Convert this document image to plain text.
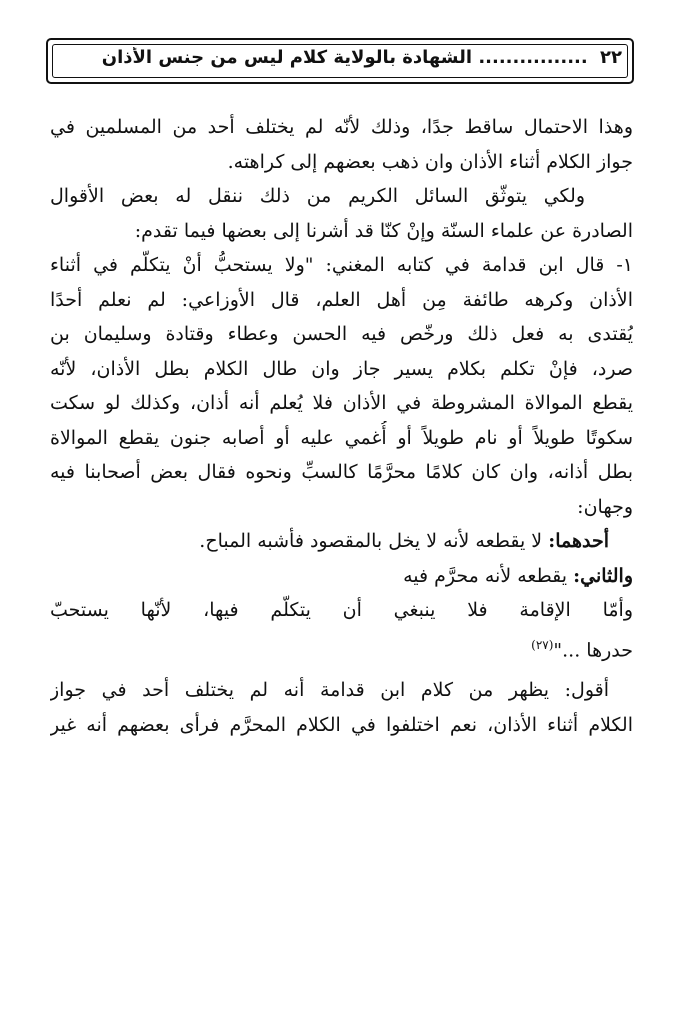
٢٢ ................ الشهادة بالولاية كلام ليس من جنس الأذان
وهذا الاحتمال ساقط جدًا، وذلك لأنّه لم يختلف أحد من المسلمين في
جواز الكلام أثناء الأذان وان ذهب بعضهم إلى كراهته.
ولكي يتوثّق السائل الكريم من ذلك ننقل له بعض الأقوال
الصادرة عن علماء السنّة وإنْ كنّا قد أشرنا إلى بعضها فيما تقدم:
١- قال ابن قدامة في كتابه المغني: "ولا يستحبُّ أنْ يتكلّم في أثناء
الأذان وكرهه طائفة مِن أهل العلم، قال الأوزاعي: لم نعلم أحدًا
يُقتدى به فعل ذلك ورخّص فيه الحسن وعطاء وقتادة وسليمان بن
صرد، فإنْ تكلم بكلام يسير جاز وان طال الكلام بطل الأذان، لأنّه
يقطع الموالاة المشروطة في الأذان فلا يُعلم أنه أذان، وكذلك لو سكت
سكوتًا طويلاً أو نام طويلاً أو أُغمي عليه أو أصابه جنون يقطع الموالاة
بطل أذانه، وان كان كلامًا محرَّمًا كالسبِّ ونحوه فقال بعض أصحابنا فيه
وجهان:
أحدهما: لا يقطعه لأنه لا يخل بالمقصود فأشبه المباح.
والثاني: يقطعه لأنه محرَّم فيه
وأمّا الإقامة فلا ينبغي أن يتكلّم فيها، لأنّها يستحبّ
حدرها ..."$^{(٢٧)}$
أقول: يظهر من كلام ابن قدامة أنه لم يختلف أحد في جواز
الكلام أثناء الأذان، نعم اختلفوا في الكلام المحرَّم فرأى بعضهم أنه غير
